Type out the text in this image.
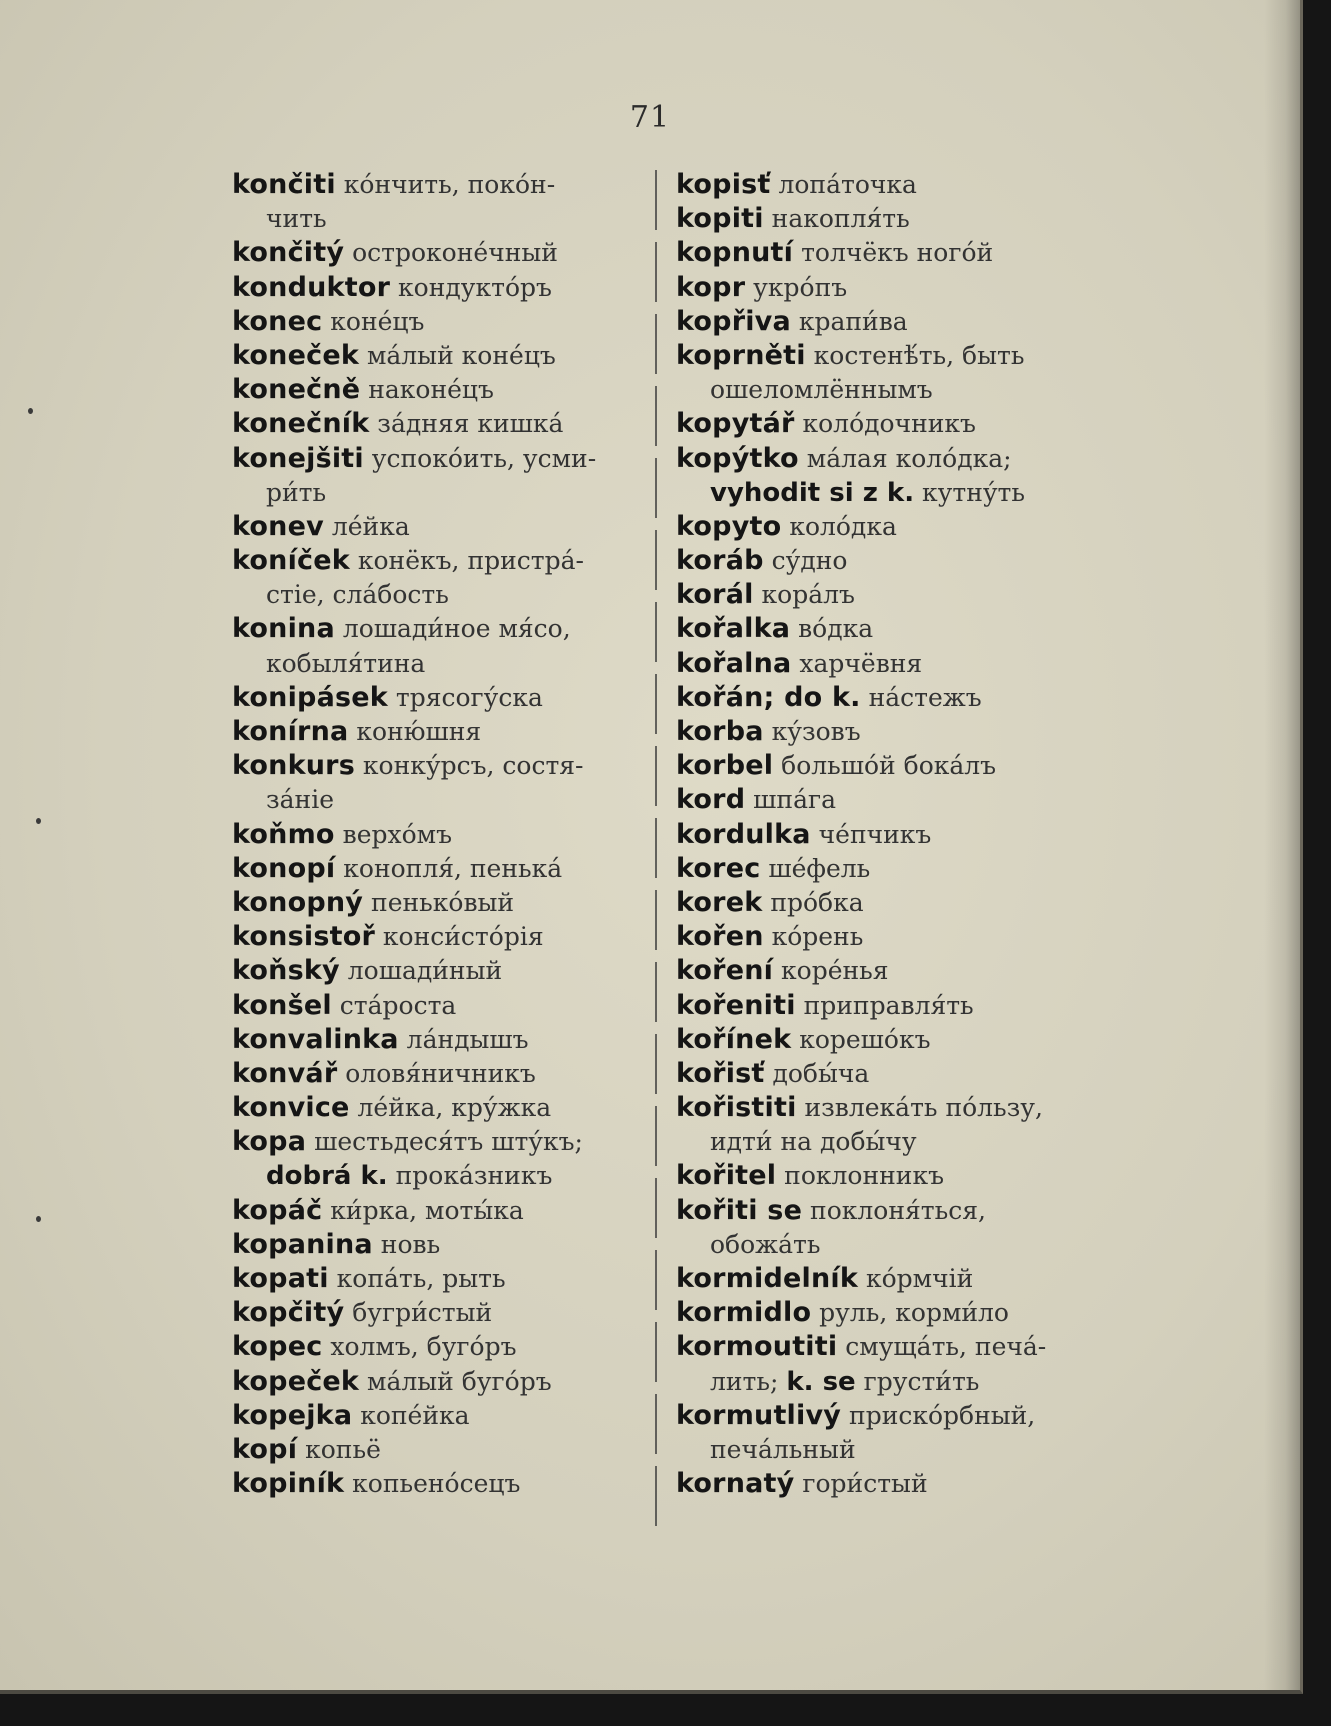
71
končiti ко́нчить, поко́н-
чить
končitý остроконе́чный
konduktor кондукто́ръ
konec коне́цъ
koneček ма́лый коне́цъ
konečně наконе́цъ
konečník за́дняя кишка́
konejšiti успоко́ить, усми-
ри́ть
konev ле́йка
koníček конёкъ, пристра́-
стіе, сла́бость
konina лошади́ное мя́со,
кобыля́тина
konipásek трясогу́ска
konírna коню́шня
konkurs конку́рсъ, состя-
за́ніе
koňmo верхо́мъ
konopí конопля́, пенька́
konopný пенько́вый
konsistoř конси́сто́рія
koňský лошади́ный
konšel ста́роста
konvalinka ла́ндышъ
konvář оловя́ничникъ
konvice ле́йка, кру́жка
kopa шестьдеся́тъ шту́къ;
dobrá k. прока́зникъ
kopáč ки́рка, моты́ка
kopanina новь
kopati копа́ть, рыть
kopčitý бугри́стый
kopec холмъ, буго́ръ
kopeček ма́лый буго́ръ
kopejka копе́йка
kopí копьё
kopiník копьено́сецъ
kopisť лопа́точка
kopiti накопля́ть
kopnutí толчёкъ ного́й
kopr укро́пъ
kopřiva крапи́ва
koprněti костенѣ́ть, быть
ошеломлённымъ
kopytář коло́дочникъ
kopýtko ма́лая коло́дка;
vyhodit si z k. кутну́ть
kopyto коло́дка
koráb су́дно
korál кора́лъ
kořalka во́дка
kořalna харчёвня
kořán; do k. на́стежъ
korba ку́зовъ
korbel большо́й бока́лъ
kord шпа́га
kordulka че́пчикъ
korec ше́фель
korek про́бка
kořen ко́рень
koření коре́нья
kořeniti приправля́ть
kořínek корешо́къ
kořisť добы́ча
kořistiti извлека́ть по́льзу,
идти́ на добы́чу
kořitel поклонникъ
kořiti se поклоня́ться,
обожа́ть
kormidelník ко́рмчій
kormidlo руль, корми́ло
kormoutiti смуща́ть, печа́-
лить; k. se грусти́ть
kormutlivý приско́рбный,
печа́льный
kornatý гори́стый
